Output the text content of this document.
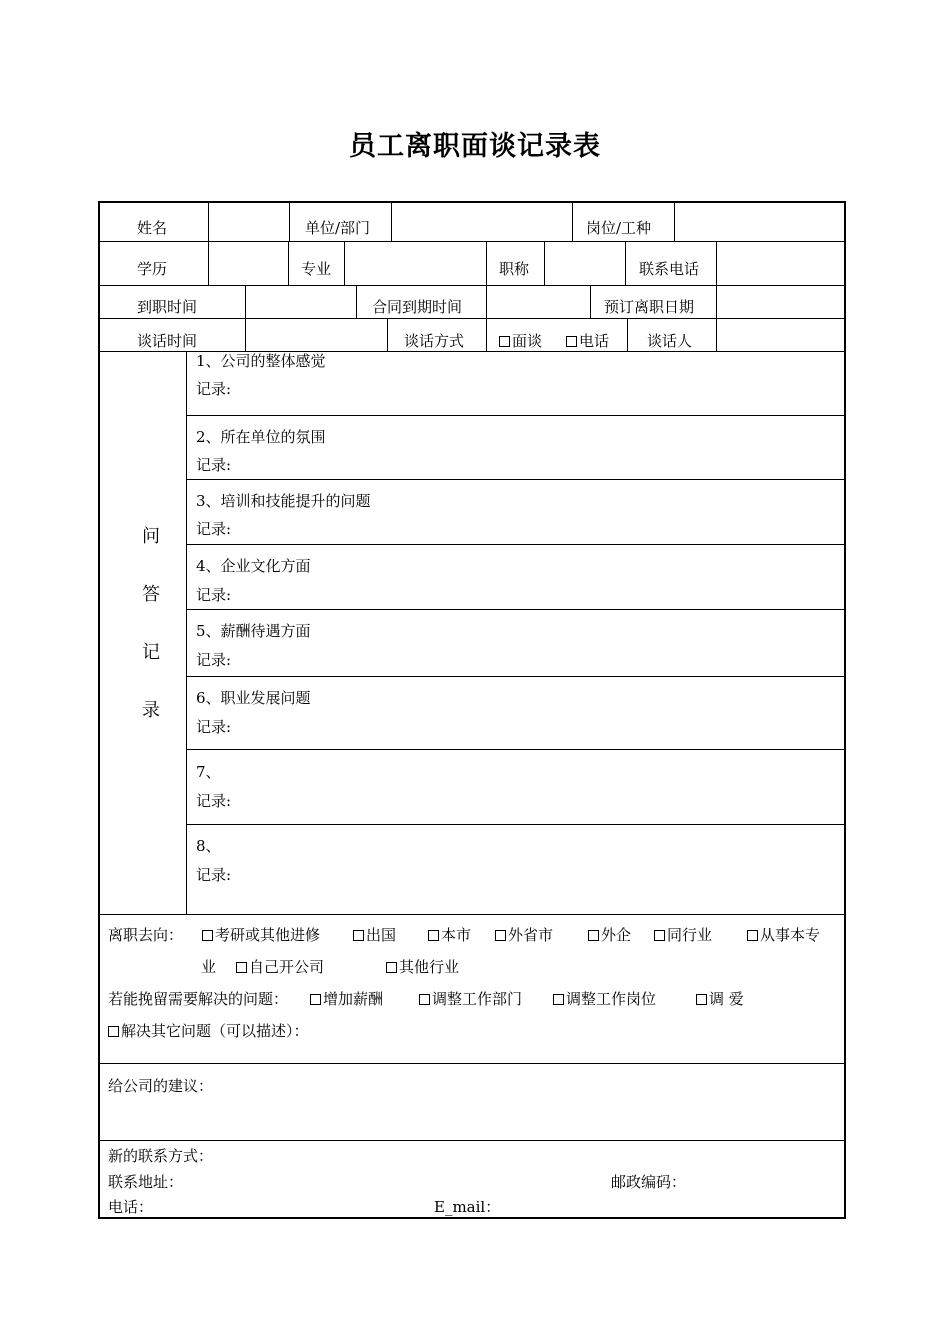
员工离职面谈记录表
姓名	单位/部门	岗位/工种
学历	专业	职称	联系电话
到职时间	合同到期时间	预订离职日期
谈话时间	谈话方式	面谈	电话	谈话人
问
答
记
录
1、公司的整体感觉
记录:
2、所在单位的氛围
记录:
3、培训和技能提升的问题
记录:
4、企业文化方面
记录:
5、薪酬待遇方面
记录:
6、职业发展问题
记录:
7、
记录:
8、
记录:
离职去向：	考研或其他进修	出国	本市	外省市	外企	同行业	从事本专
业	自己开公司	其他行业
若能挽留需要解决的问题：	增加薪酬	调整工作部门	调整工作岗位	调 爱
解决其它问题（可以描述）：
给公司的建议：
新的联系方式：
联系地址：	邮政编码：
电话：	E_mail：
